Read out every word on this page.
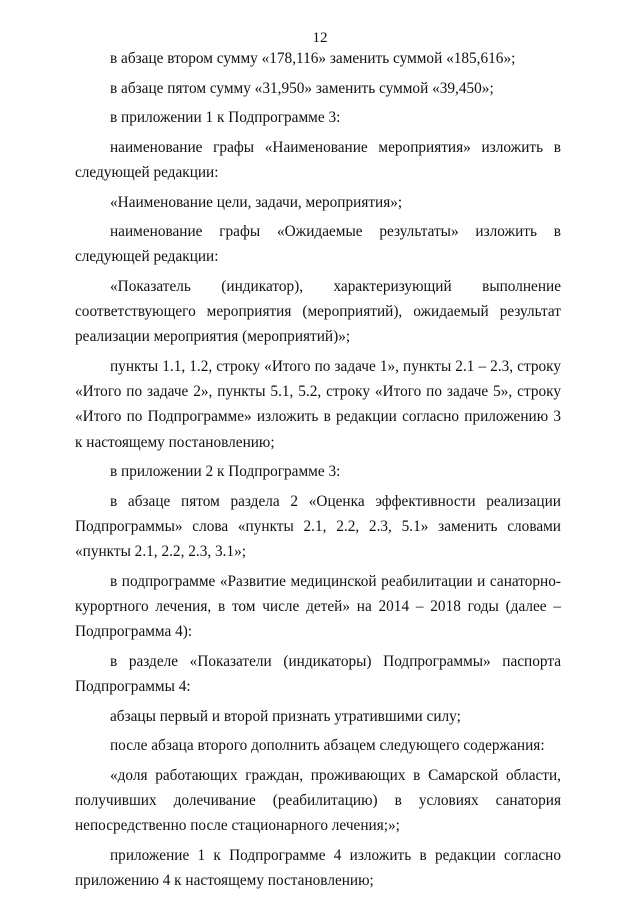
12

в абзаце втором сумму «178,116» заменить суммой «185,616»;

в абзаце пятом сумму «31,950» заменить суммой «39,450»;

в приложении 1 к Подпрограмме 3:

наименование графы «Наименование мероприятия» изложить в следующей редакции:

«Наименование цели, задачи, мероприятия»;

наименование графы «Ожидаемые результаты» изложить в следующей редакции:

«Показатель (индикатор), характеризующий выполнение соответствующего мероприятия (мероприятий), ожидаемый результат реализации мероприятия (мероприятий)»;

пункты 1.1, 1.2, строку «Итого по задаче 1», пункты 2.1 – 2.3, строку «Итого по задаче 2», пункты 5.1, 5.2, строку «Итого по задаче 5», строку «Итого по Подпрограмме» изложить в редакции согласно приложению 3 к настоящему постановлению;

в приложении 2 к Подпрограмме 3:

в абзаце пятом раздела 2 «Оценка эффективности реализации Подпрограммы» слова «пункты 2.1, 2.2, 2.3, 5.1» заменить словами «пункты 2.1, 2.2, 2.3, 3.1»;

в подпрограмме «Развитие медицинской реабилитации и санаторно-курортного лечения, в том числе детей» на 2014 – 2018 годы (далее – Подпрограмма 4):

в разделе «Показатели (индикаторы) Подпрограммы» паспорта Подпрограммы 4:

абзацы первый и второй признать утратившими силу;

после абзаца второго дополнить абзацем следующего содержания:

«доля работающих граждан, проживающих в Самарской области, получивших долечивание (реабилитацию) в условиях санатория непосредственно после стационарного лечения;»;

приложение 1 к Подпрограмме 4 изложить в редакции согласно приложению 4 к настоящему постановлению;
